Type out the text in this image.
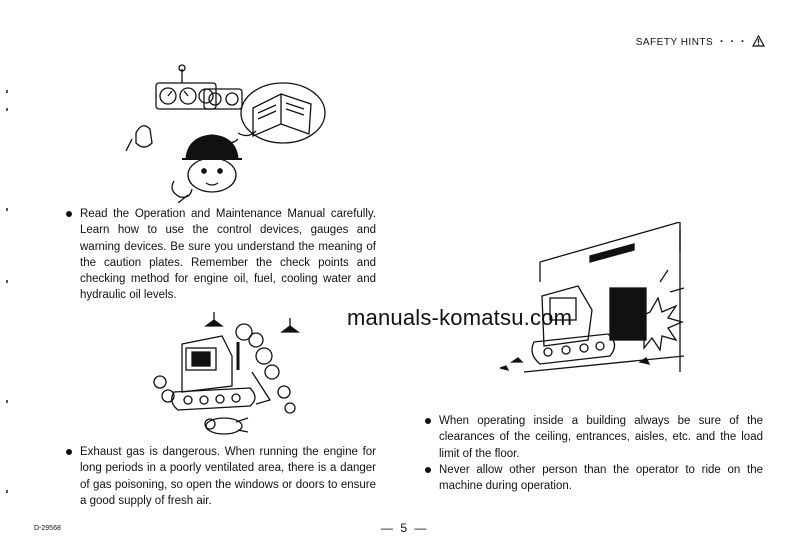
SAFETY HINTS ・・・
Read the Operation and Maintenance Manual carefully. Learn how to use the control devices, gauges and warning devices. Be sure you understand the meaning of the caution plates. Remember the check points and checking method for engine oil, fuel, cooling water and hydraulic oil levels.
Exhaust gas is dangerous. When running the engine for long periods in a poorly ventilated area, there is a danger of gas poisoning, so open the windows or doors to ensure a good supply of fresh air.
manuals-komatsu.com
When operating inside a building always be sure of the clearances of the ceiling, entrances, aisles, etc. and the load limit of the floor.
Never allow other person than the operator to ride on the machine during operation.
D-29568	— 5 —
